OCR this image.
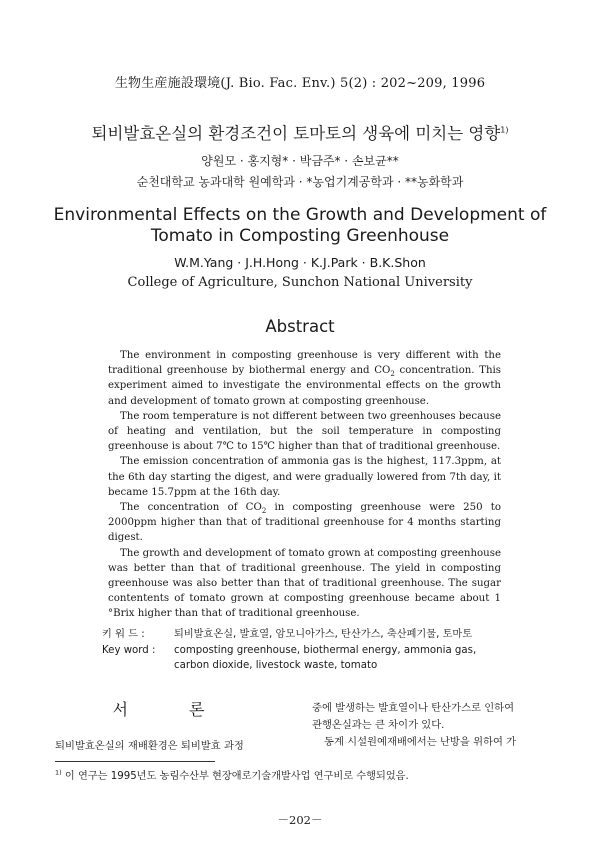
生物生産施設環境(J. Bio. Fac. Env.) 5(2) : 202~209, 1996
퇴비발효온실의 환경조건이 토마토의 생육에 미치는 영향$^{1)}$
양원모 · 홍지형* · 박금주* · 손보균**
순천대학교 농과대학 원예학과 · *농업기계공학과 · **농화학과
Environmental Effects on the Growth and Development of
Tomato in Composting Greenhouse
W.M.Yang · J.H.Hong · K.J.Park · B.K.Shon
College of Agriculture, Sunchon National University
Abstract

The environment in composting greenhouse is very different with the traditional greenhouse by biothermal energy and $CO_2$ concentration. This experiment aimed to investigate the environmental effects on the growth and development of tomato grown at composting greenhouse.

The room temperature is not different between two greenhouses because of heating and ventilation, but the soil temperature in composting greenhouse is about 7℃ to 15℃ higher than that of traditional greenhouse.

The emission concentration of ammonia gas is the highest, 117.3ppm, at the 6th day starting the digest, and were gradually lowered from 7th day, it became 15.7ppm at the 16th day.

The concentration of $CO_2$ in composting greenhouse were 250 to 2000ppm higher than that of traditional greenhouse for 4 months starting digest.

The growth and development of tomato grown at composting greenhouse was better than that of traditional greenhouse. The yield in composting greenhouse was also better than that of traditional greenhouse. The sugar contentents of tomato grown at composting greenhouse became about 1 °Brix higher than that of traditional greenhouse.

키 워 드 :	퇴비발효온실, 발효열, 암모니아가스, 탄산가스, 축산폐기물, 토마토
Key word :	composting greenhouse, biothermal energy, ammonia gas, carbon dioxide, livestock waste, tomato
서 론
퇴비발효온실의 재배환경은 퇴비발효 과정

중에 발생하는 발효열이나 탄산가스로 인하여

관행온실과는 큰 차이가 있다.

동계 시설원예재배에서는 난방을 위하여 가

$^{1)}$ 이 연구는 1995년도 농림수산부 현장애로기술개발사업 연구비로 수행되었음.
－202－
